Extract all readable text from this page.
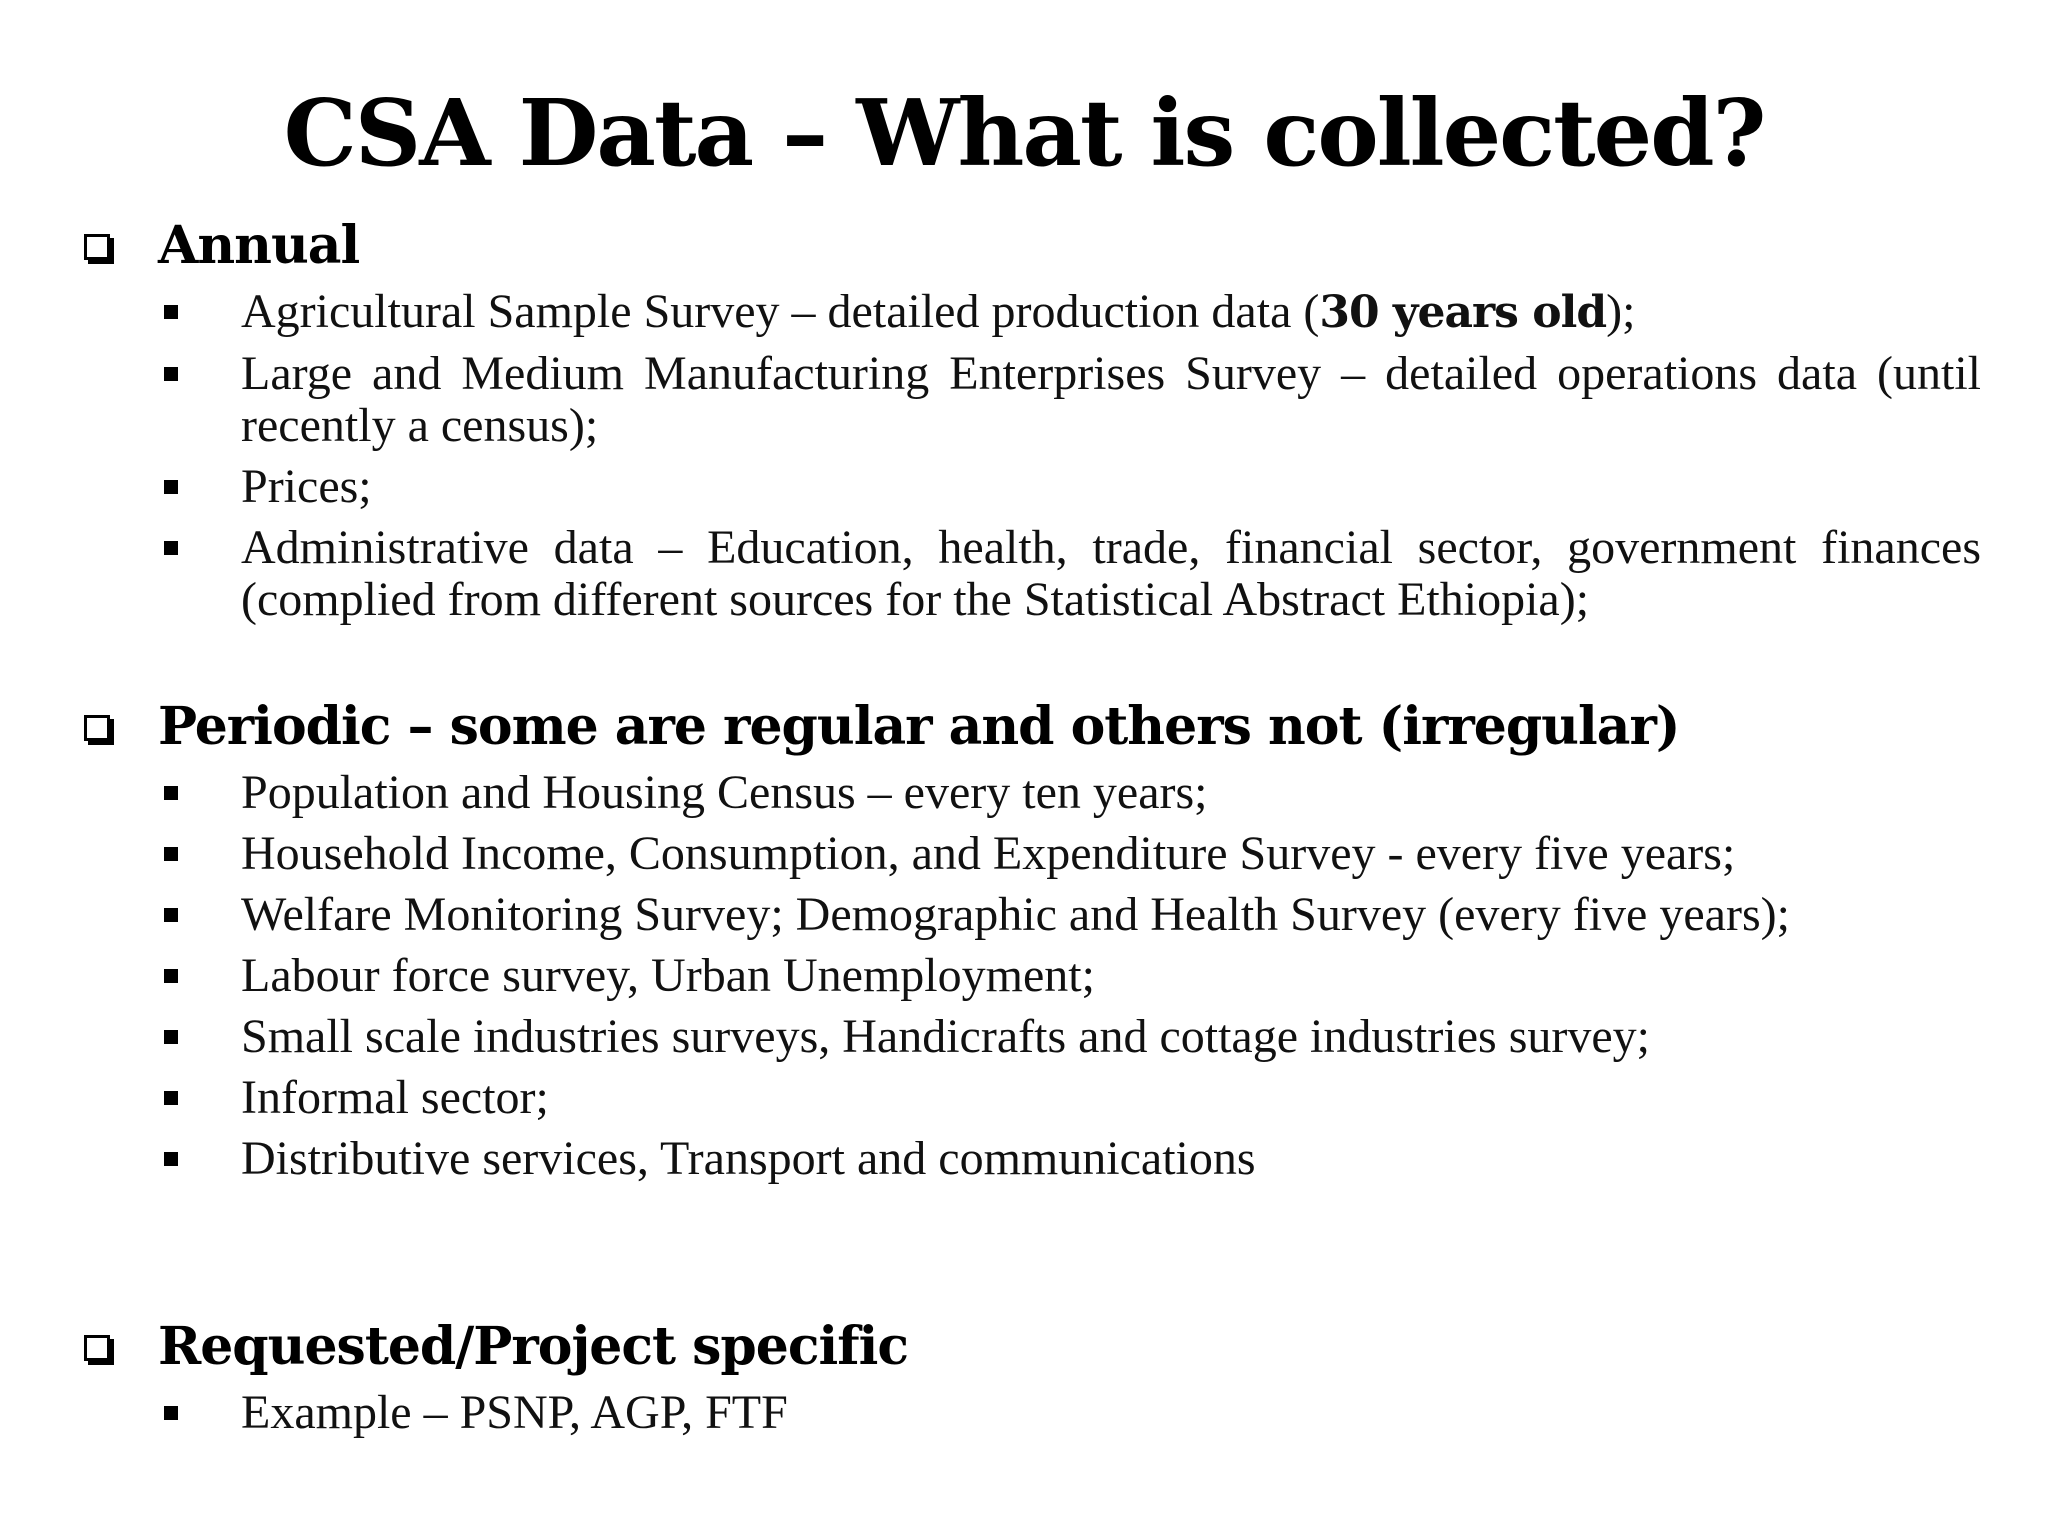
CSA Data – What is collected?
Annual
Agricultural Sample Survey – detailed production data (30 years old);
Large and Medium Manufacturing Enterprises Survey – detailed operations data (until recently a census);
Prices;
Administrative data – Education, health, trade, financial sector, government finances (complied from different sources for the Statistical Abstract Ethiopia);
Periodic – some are regular and others not (irregular)
Population and Housing Census – every ten years;
Household Income, Consumption, and Expenditure Survey - every five years;
Welfare Monitoring Survey; Demographic and Health Survey (every five years);
Labour force survey, Urban Unemployment;
Small scale industries surveys, Handicrafts and cottage industries survey;
Informal sector;
Distributive services, Transport and communications
Requested/Project specific
Example – PSNP, AGP, FTF
